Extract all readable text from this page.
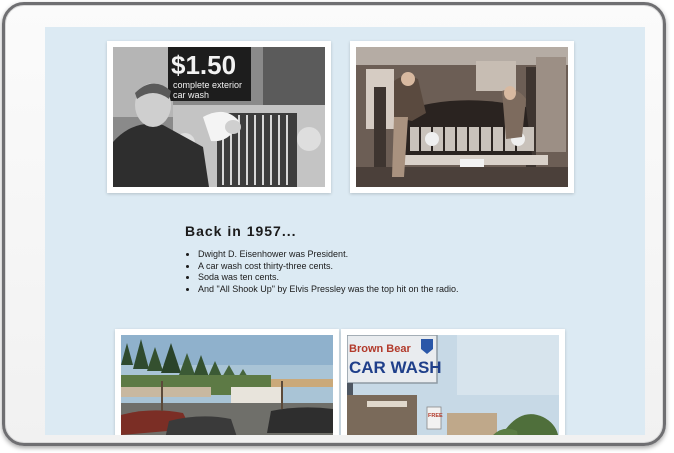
$1.50
complete exterior
car wash
Back in 1957...
• Dwight D. Eisenhower was President.
• A car wash cost thirty-three cents.
• Soda was ten cents.
• And "All Shook Up" by Elvis Pressley was the top hit on the radio.
Brown Bear
CAR WASH
FREE
